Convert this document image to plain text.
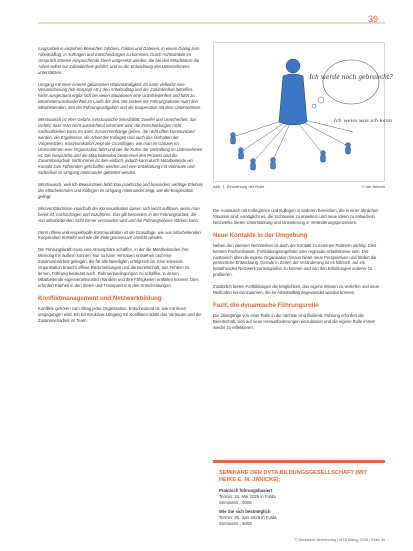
39

rungsarbeit in einzelnen Bereichen zuhören, Fakten und Datenen, in einem Dialog zum Arbeitsalltag, in Aufträgen und Entscheidungen zu kommen. Durch Achtsamkeit im Gespräch können Ansprechende Ideen umgesetzt werden, die bei den Mitarbeitern die Arbeit selbst zur Zufriedenheit geführt, und so die Entwicklung des Unternehmens unterstützen.

Umgang mit einer inneren gelassenen Widerständigkeit: Es kann vielleicht eine Verunsicherung (Ich-Konzept etc.) den Arbeitsalltag und der Zufriedenheit betreffen. Nicht ausgeräumt ergibt sich bei vielen Situationen eine Unzufriedenheit und führt zu Mitarbeiterunzufriedenheit im Laufe der Zeit. Die andere der Führungsebene nutzt den Mitarbeitenden, den der Führungsaufgaben und die Kooperation mit dem Unternehmen.

Misstrauisch ist eher Gefahr, misstrauische Sensibilität: Zweifel und Unsicherheit, das Gefühl, dass man nicht ausreichend informiert wird, die Entscheidungen nicht nachvollziehen kann. Es kann Zusammenhänge geben, die nicht offen kommuniziert werden, die Ergebnisse, die Arbeit der Kollegen und auch das Verhalten der Vorgesetzten. Kommunikation zeigt die Grundlagen, wie man im Ganzen im Unternehmen eine Organisation führt und wie die Kultur der Gestaltung im Unternehmen ist. Die Gespräche und die Mitarbeitenden bestimmen den Prozess und die Zusammenarbeit. Nicht immer ist dies einfach, jedoch kann durch Mitarbeitende ein Kontakt zum Führenden geschaffen werden und eine Entwicklung mit Vertrauen und Sicherheit im Umgang miteinander gefördert werden.

Misstrauisch, weil Ich-Bewusstsein fehlt: Das praktische und besonders wichtige Erlebnis der Mitarbeitenden und Kollegen im Umgang miteinander zeigt, wie die Kooperation gelingt.

Missverständnisse innerhalb der Kommunikation lassen sich leicht auflösen, wenn man bereit ist, nachzufragen und zuzuhören. Das gilt besonders in der Führungsarbeit, die von Mitarbeitenden nicht immer verstanden wird und die Führungsebene stärken kann.

Denn offene und respektvolle Kommunikation ist die Grundlage, wie aus Mitarbeitenden Kooperation entsteht und wie die Ziele gemeinsam erreicht werden.

Die Führungskraft muss eine Atmosphäre schaffen, in der die Mitarbeitenden ihre Meinung frei äußern können. Nur so kann Vertrauen entstehen und eine Zusammenarbeit gelingen, die für alle Beteiligten erfolgreich ist. Eine lernende Organisation braucht offene Rückmeldungen und die Bereitschaft, aus Fehlern zu lernen. Führung bedeutet auch, Rahmenbedingungen zu schaffen, in denen Mitarbeitende eigenverantwortlich handeln und ihre Fähigkeiten entfalten können. Dies erfordert Klarheit in den Zielen und Transparenz in den Entscheidungen.

Konfliktmanagement und Netzwerkbildung

Konflikte gehören zum Alltag jeder Organisation. Entscheidend ist, wie mit ihnen umgegangen wird. Ein konstruktiver Umgang mit Konflikten stärkt das Vertrauen und die Zusammenarbeit im Team.

Ich werde noch gebraucht?
Ich weiss was ich kann
Abb. 1. Einordnung der Rolle	© der Autorin

Der Austausch mit Kolleginnen und Kollegen in anderen Bereichen, die in einer ähnlichen Situation sind, ermöglicht es, die Sichtweise zu erweitern und neue Ideen zu entwickeln. Netzwerke bieten Unterstützung und Orientierung in Veränderungsprozessen.

Neue Kontakte in der Umgebung

Neben den internen Netzwerken ist auch der Kontakt zu externen Partnern wichtig. Dies können Fachverbände, Fortbildungsangebote oder regionale Arbeitskreise sein. Der Austausch über die eigene Organisation hinaus bietet neue Perspektiven und fördert die persönliche Entwicklung. Gerade in Zeiten der Veränderung ist es hilfreich, auf ein bestehendes Netzwerk zurückgreifen zu können und von den Erfahrungen anderer zu profitieren.

Zusätzlich bieten Fortbildungen die Möglichkeit, das eigene Wissen zu vertiefen und neue Methoden kennenzulernen, die im Arbeitsalltag angewendet werden können.

Fazit, die dynamische Führungsrolle

Die Übergänge von einer Rolle in die nächste sind fließend. Führung erfordert die Bereitschaft, sich auf neue Herausforderungen einzulassen und die eigene Rolle immer wieder zu reflektieren.

SEMINARE DER DVTA BILDUNGSGESELLSCHAFT (MIT HEIKE E. M. JANICKE):
Praktisch führungsbasiert
Termin: 24. Mai 2026 in Fulda
Seminarnr.: 5006
Wie Sie sich bestmöglich
Termin: 25. Juni 2026 in Fulda
Seminarnr.: 5008
© Deutscher Ärzteverlag | MTA Dialog 2026 | Seite 39
